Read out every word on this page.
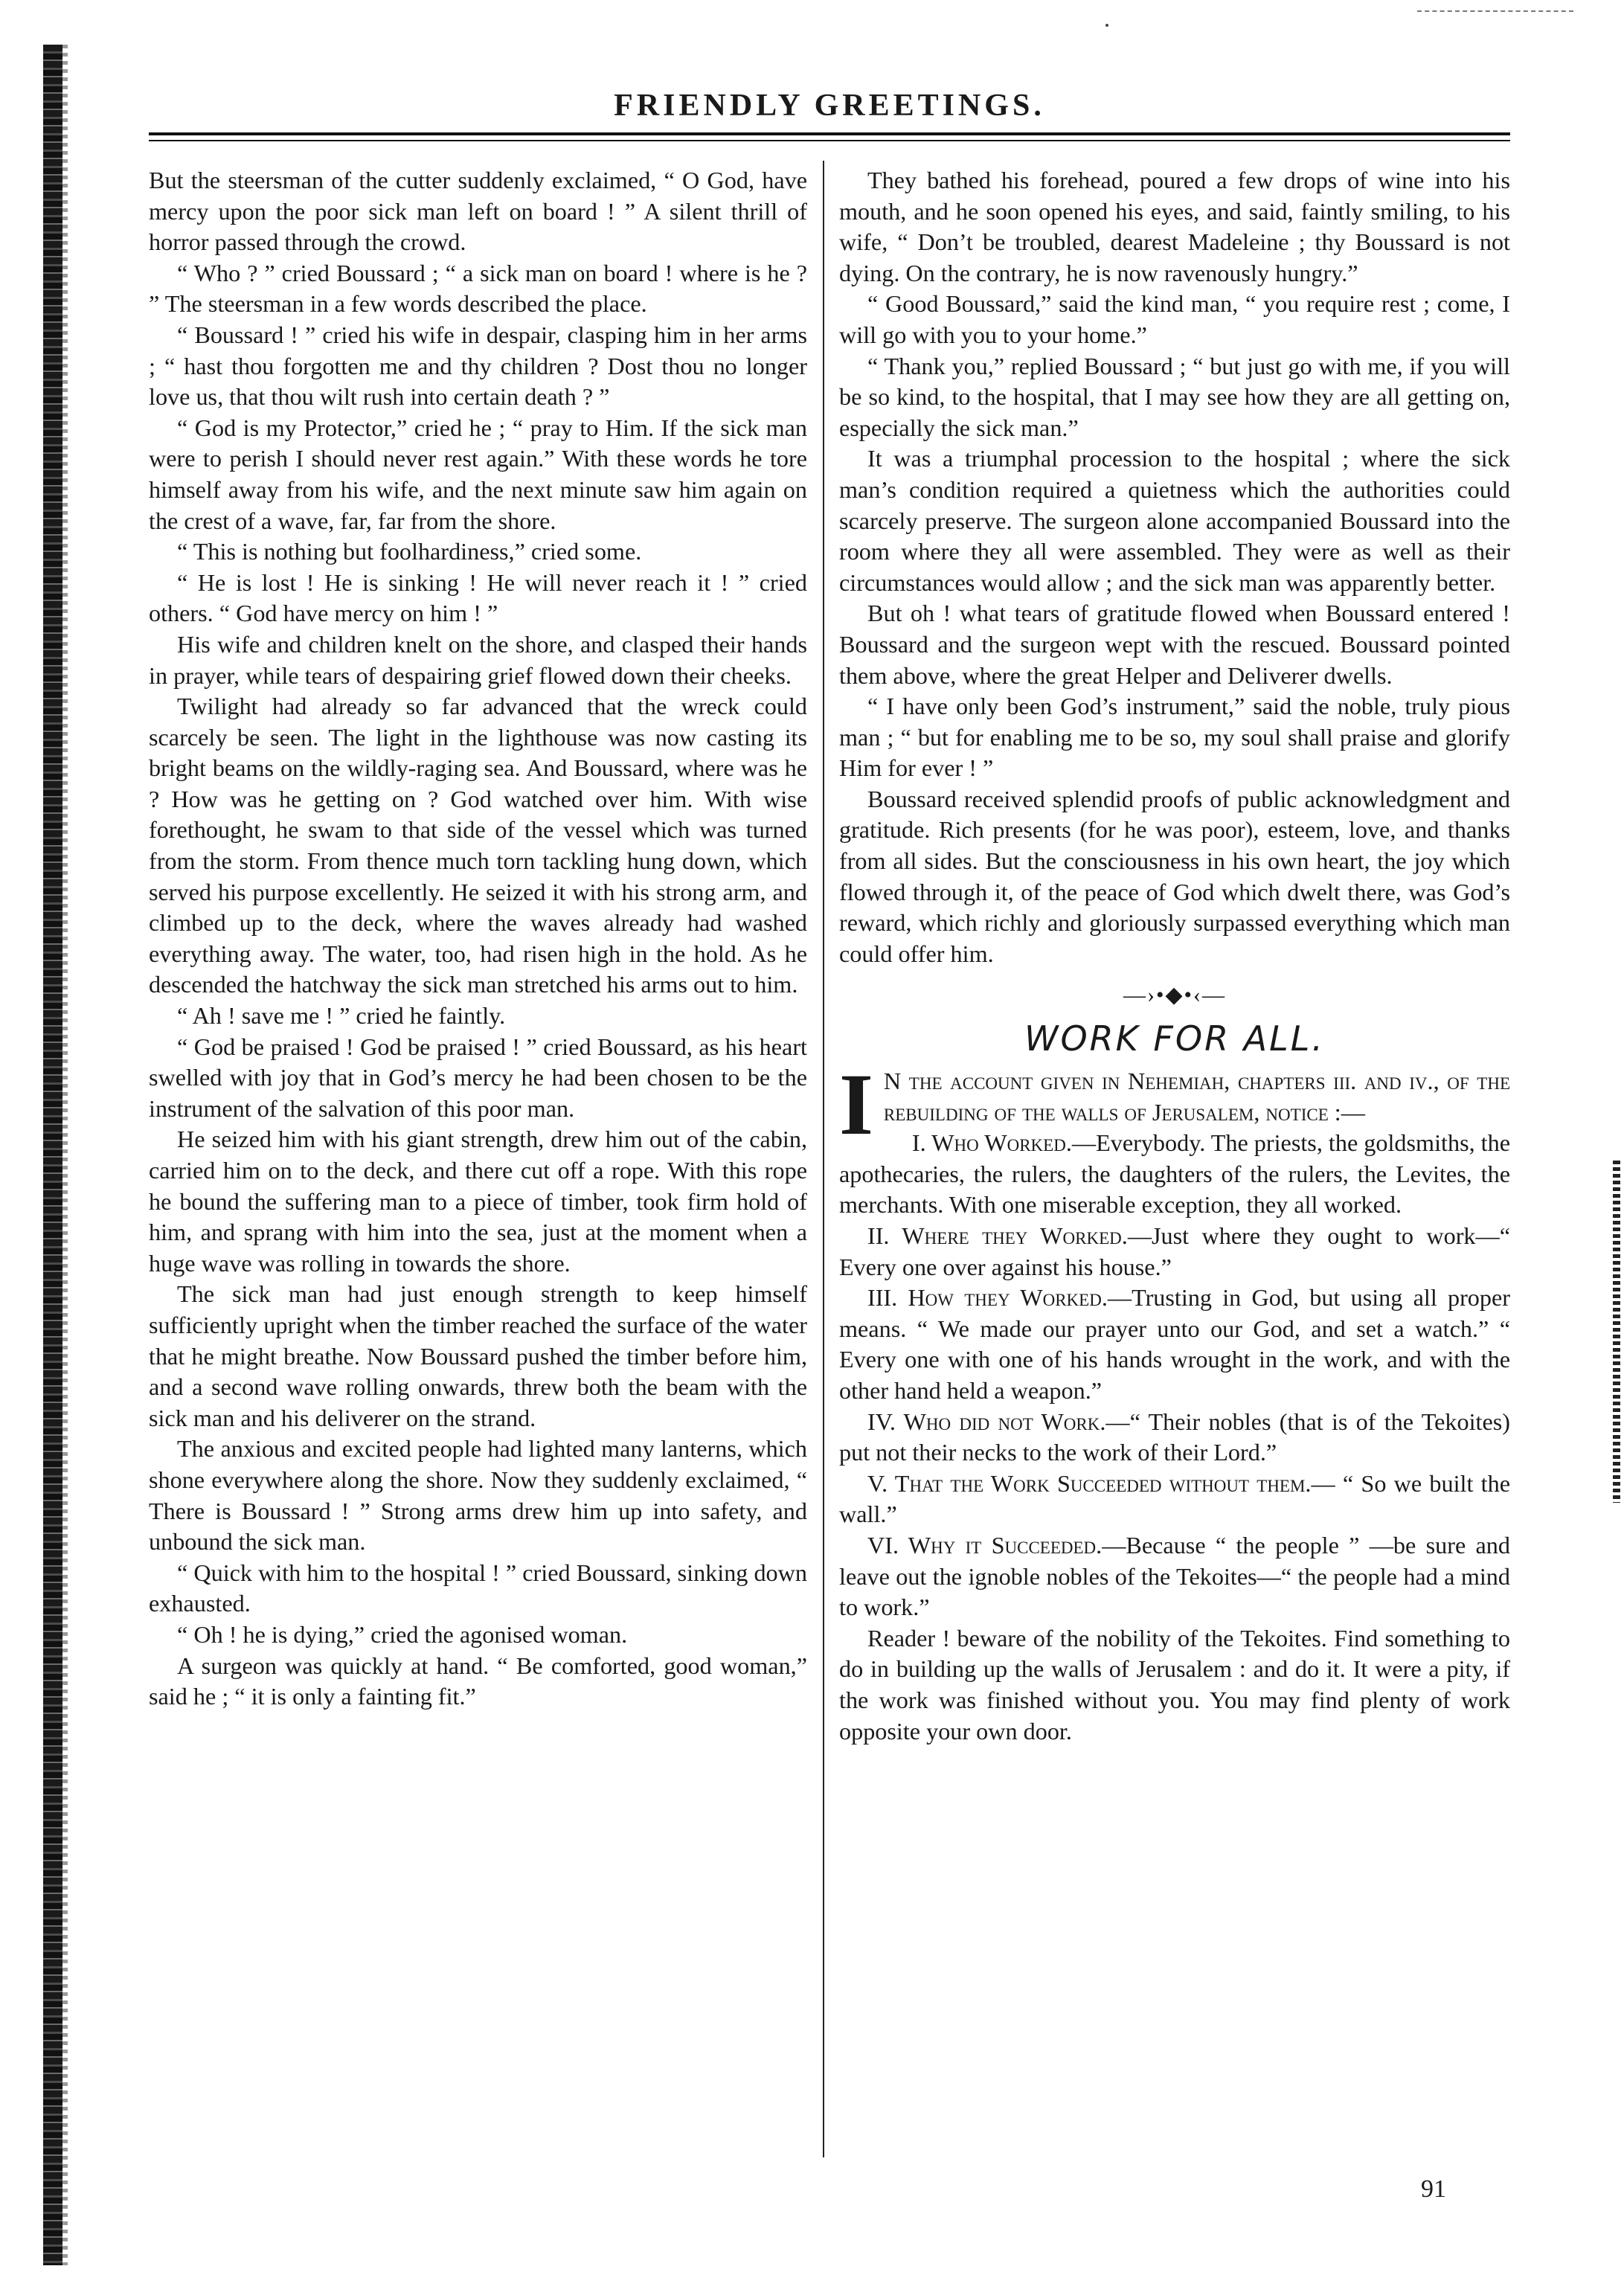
FRIENDLY GREETINGS.

But the steersman of the cutter suddenly exclaimed, “ O God, have mercy upon the poor sick man left on board ! ” A silent thrill of horror passed through the crowd.

“ Who ? ” cried Boussard ; “ a sick man on board ! where is he ? ” The steersman in a few words described the place.

“ Boussard ! ” cried his wife in despair, clasping him in her arms ; “ hast thou forgotten me and thy children ? Dost thou no longer love us, that thou wilt rush into certain death ? ”

“ God is my Protector,” cried he ; “ pray to Him. If the sick man were to perish I should never rest again.” With these words he tore himself away from his wife, and the next minute saw him again on the crest of a wave, far, far from the shore.

“ This is nothing but foolhardiness,” cried some.

“ He is lost ! He is sinking ! He will never reach it ! ” cried others. “ God have mercy on him ! ”

His wife and children knelt on the shore, and clasped their hands in prayer, while tears of despairing grief flowed down their cheeks.

Twilight had already so far advanced that the wreck could scarcely be seen. The light in the lighthouse was now casting its bright beams on the wildly-raging sea. And Boussard, where was he ? How was he getting on ? God watched over him. With wise forethought, he swam to that side of the vessel which was turned from the storm. From thence much torn tackling hung down, which served his purpose excellently. He seized it with his strong arm, and climbed up to the deck, where the waves already had washed everything away. The water, too, had risen high in the hold. As he descended the hatchway the sick man stretched his arms out to him.

“ Ah ! save me ! ” cried he faintly.

“ God be praised ! God be praised ! ” cried Boussard, as his heart swelled with joy that in God’s mercy he had been chosen to be the instrument of the salvation of this poor man.

He seized him with his giant strength, drew him out of the cabin, carried him on to the deck, and there cut off a rope. With this rope he bound the suffering man to a piece of timber, took firm hold of him, and sprang with him into the sea, just at the moment when a huge wave was rolling in towards the shore.

The sick man had just enough strength to keep himself sufficiently upright when the timber reached the surface of the water that he might breathe. Now Boussard pushed the timber before him, and a second wave rolling onwards, threw both the beam with the sick man and his deliverer on the strand.

The anxious and excited people had lighted many lanterns, which shone everywhere along the shore. Now they suddenly exclaimed, “ There is Boussard ! ” Strong arms drew him up into safety, and unbound the sick man.

“ Quick with him to the hospital ! ” cried Boussard, sinking down exhausted.

“ Oh ! he is dying,” cried the agonised woman.

A surgeon was quickly at hand. “ Be comforted, good woman,” said he ; “ it is only a fainting fit.”

They bathed his forehead, poured a few drops of wine into his mouth, and he soon opened his eyes, and said, faintly smiling, to his wife, “ Don’t be troubled, dearest Madeleine ; thy Boussard is not dying. On the contrary, he is now ravenously hungry.”

“ Good Boussard,” said the kind man, “ you require rest ; come, I will go with you to your home.”

“ Thank you,” replied Boussard ; “ but just go with me, if you will be so kind, to the hospital, that I may see how they are all getting on, especially the sick man.”

It was a triumphal procession to the hospital ; where the sick man’s condition required a quietness which the authorities could scarcely preserve. The surgeon alone accompanied Boussard into the room where they all were assembled. They were as well as their circumstances would allow ; and the sick man was apparently better.

But oh ! what tears of gratitude flowed when Boussard entered ! Boussard and the surgeon wept with the rescued. Boussard pointed them above, where the great Helper and Deliverer dwells.

“ I have only been God’s instrument,” said the noble, truly pious man ; “ but for enabling me to be so, my soul shall praise and glorify Him for ever ! ”

Boussard received splendid proofs of public acknowledgment and gratitude. Rich presents (for he was poor), esteem, love, and thanks from all sides. But the consciousness in his own heart, the joy which flowed through it, of the peace of God which dwelt there, was God’s reward, which richly and gloriously surpassed everything which man could offer him.

—›•◆•‹—
WORK FOR ALL.

I N the account given in Nehemiah, chapters iii. and iv., of the rebuilding of the walls of Jerusalem, notice :—

I. Who Worked.—Everybody. The priests, the goldsmiths, the apothecaries, the rulers, the daughters of the rulers, the Levites, the merchants. With one miserable exception, they all worked.

II. Where they Worked.—Just where they ought to work—“ Every one over against his house.”

III. How they Worked.—Trusting in God, but using all proper means. “ We made our prayer unto our God, and set a watch.” “ Every one with one of his hands wrought in the work, and with the other hand held a weapon.”

IV. Who did not Work.—“ Their nobles (that is of the Tekoites) put not their necks to the work of their Lord.”

V. That the Work Succeeded without them.— “ So we built the wall.”

VI. Why it Succeeded.—Because “ the people ” —be sure and leave out the ignoble nobles of the Tekoites—“ the people had a mind to work.”

Reader ! beware of the nobility of the Tekoites. Find something to do in building up the walls of Jerusalem : and do it. It were a pity, if the work was finished without you. You may find plenty of work opposite your own door.

91
